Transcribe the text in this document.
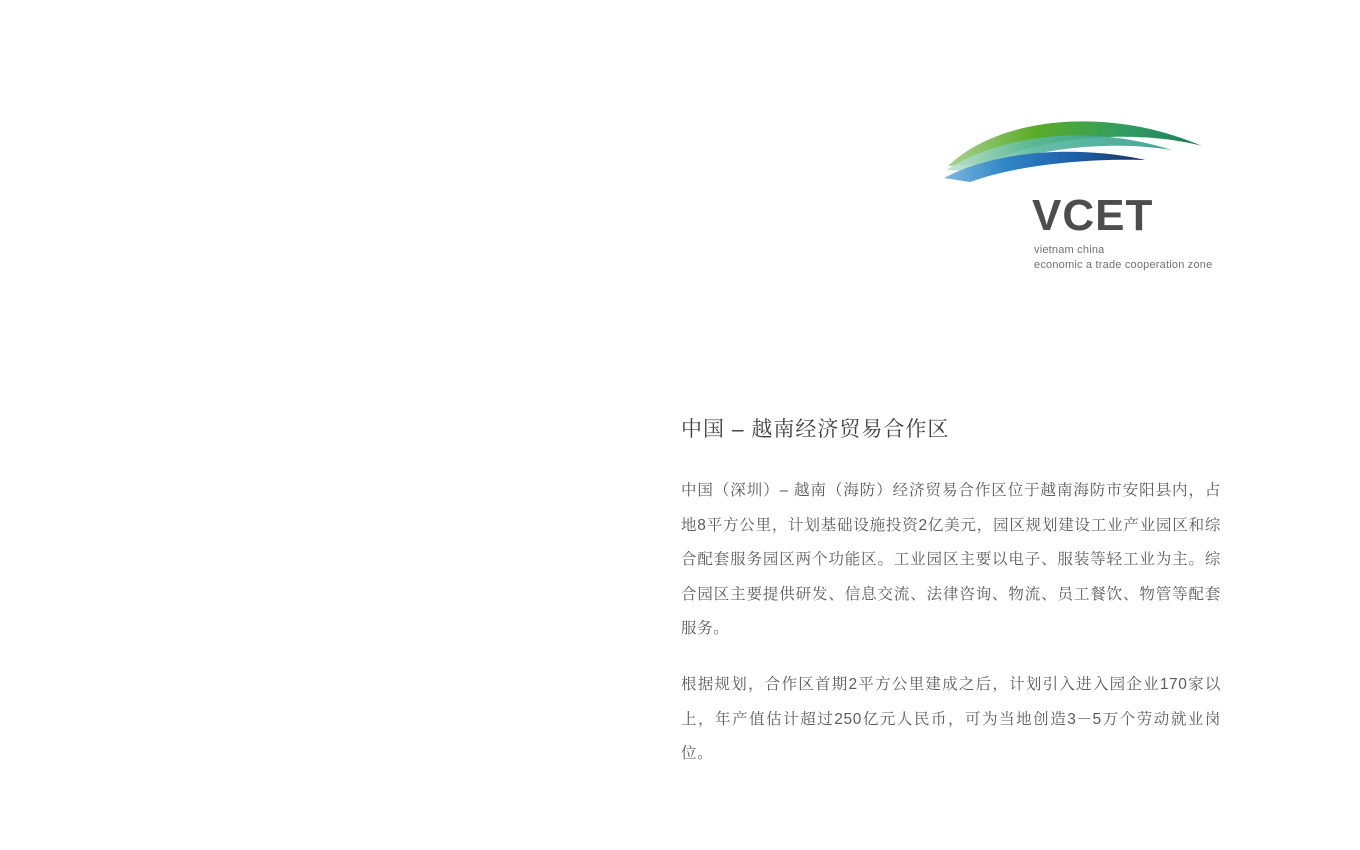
VCET
vietnam china
economic a trade cooperation zone
中国 – 越南经济贸易合作区

中国（深圳）– 越南（海防）经济贸易合作区位于越南海防市安阳县内，占地8平方公里，计划基础设施投资2亿美元，园区规划建设工业产业园区和综合配套服务园区两个功能区。工业园区主要以电子、服装等轻工业为主。综合园区主要提供研发、信息交流、法律咨询、物流、员工餐饮、物管等配套服务。

根据规划，合作区首期2平方公里建成之后，计划引入进入园企业170家以上，年产值估计超过250亿元人民币，可为当地创造3－5万个劳动就业岗位。
